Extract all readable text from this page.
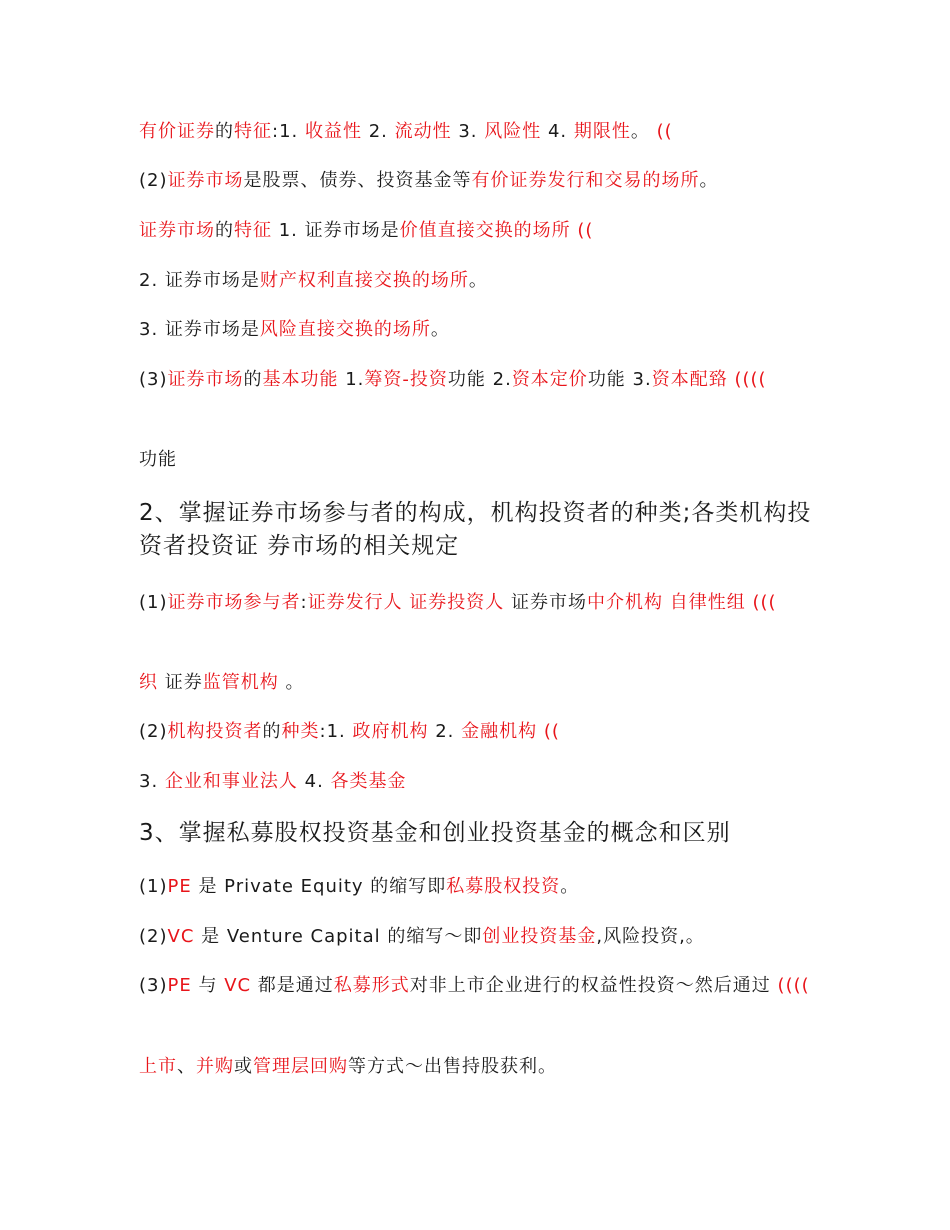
有价证券的特征:1. 收益性 2. 流动性 3. 风险性 4. 期限性。 ((
(2)证券市场是股票、债券、投资基金等有价证券发行和交易的场所。
证券市场的特征 1. 证券市场是价值直接交换的场所 ((
2. 证券市场是财产权利直接交换的场所。
3. 证券市场是风险直接交换的场所。
(3)证券市场的基本功能 1.筹资-投资功能 2.资本定价功能 3.资本配臵 ((((
功能
2、掌握证券市场参与者的构成，机构投资者的种类;各类机构投资者投资证 券市场的相关规定
(1)证券市场参与者:证券发行人 证券投资人 证券市场中介机构 自律性组 (((
织 证券监管机构 。
(2)机构投资者的种类:1. 政府机构 2. 金融机构 ((
3. 企业和事业法人 4. 各类基金
3、掌握私募股权投资基金和创业投资基金的概念和区别
(1)PE 是 Private Equity 的缩写即私募股权投资。
(2)VC 是 Venture Capital 的缩写～即创业投资基金,风险投资,。
(3)PE 与 VC 都是通过私募形式对非上市企业进行的权益性投资～然后通过 ((((
上市、并购或管理层回购等方式～出售持股获利。
